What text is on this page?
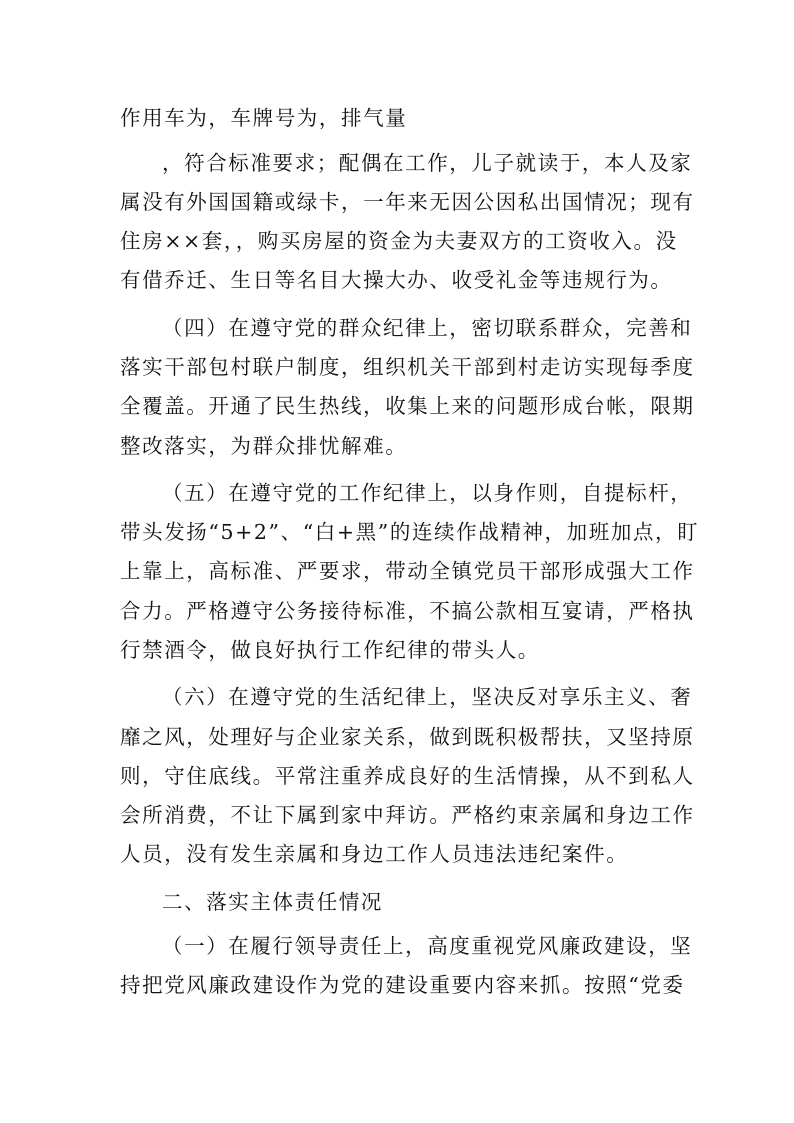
作用车为，车牌号为，排气量
，符合标准要求；配偶在工作，儿子就读于，本人及家
属没有外国国籍或绿卡，一年来无因公因私出国情况；现有
住房××套，，购买房屋的资金为夫妻双方的工资收入。没
有借乔迁、生日等名目大操大办、收受礼金等违规行为。
（四）在遵守党的群众纪律上，密切联系群众，完善和
落实干部包村联户制度，组织机关干部到村走访实现每季度
全覆盖。开通了民生热线，收集上来的问题形成台帐，限期
整改落实，为群众排忧解难。
（五）在遵守党的工作纪律上，以身作则，自提标杆，
带头发扬“5+2”、“白+黑”的连续作战精神，加班加点，盯
上靠上，高标准、严要求，带动全镇党员干部形成强大工作
合力。严格遵守公务接待标准，不搞公款相互宴请，严格执
行禁酒令，做良好执行工作纪律的带头人。
（六）在遵守党的生活纪律上，坚决反对享乐主义、奢
靡之风，处理好与企业家关系，做到既积极帮扶，又坚持原
则，守住底线。平常注重养成良好的生活情操，从不到私人
会所消费，不让下属到家中拜访。严格约束亲属和身边工作
人员，没有发生亲属和身边工作人员违法违纪案件。
二、落实主体责任情况
（一）在履行领导责任上，高度重视党风廉政建设，坚
持把党风廉政建设作为党的建设重要内容来抓。按照“党委
